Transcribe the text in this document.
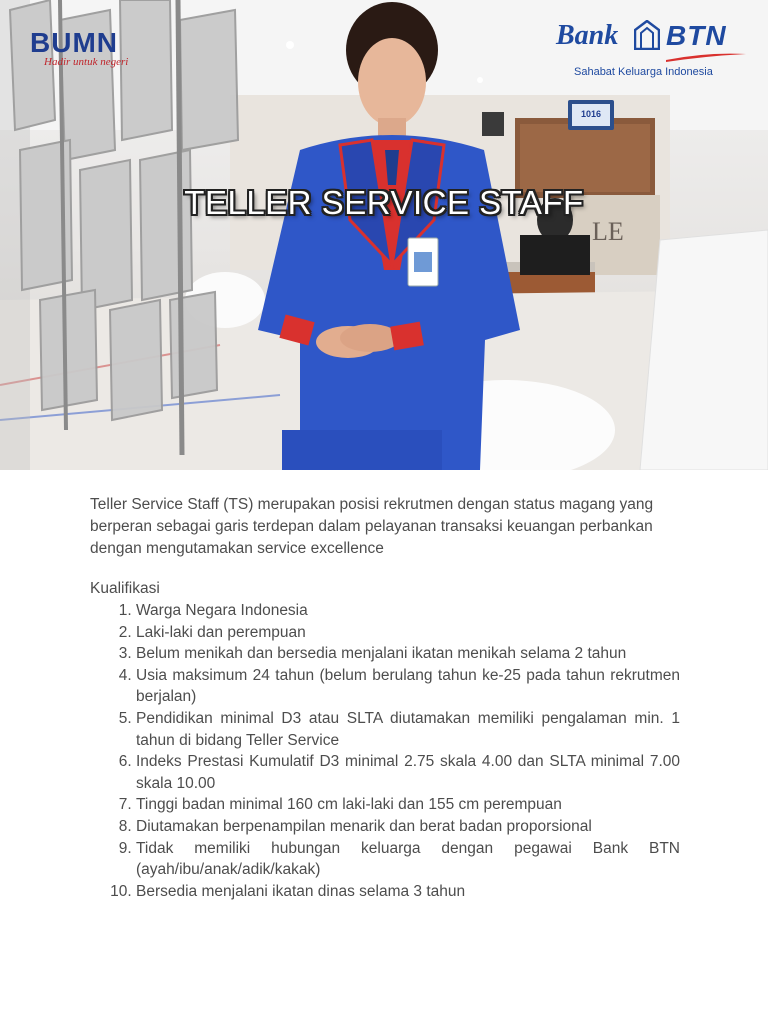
1016
LE
BUMN
Hadir untuk negeri
Bank BTN
Sahabat Keluarga Indonesia
TELLER SERVICE STAFF

Teller Service Staff (TS) merupakan posisi rekrutmen dengan status magang yang berperan sebagai garis terdepan dalam pelayanan transaksi keuangan perbankan dengan mengutamakan service excellence

Kualifikasi

1. Warga Negara Indonesia
2. Laki-laki dan perempuan
3. Belum menikah dan bersedia menjalani ikatan menikah selama 2 tahun
4. Usia maksimum 24 tahun (belum berulang tahun ke-25 pada tahun rekrutmen berjalan)
5. Pendidikan minimal D3 atau SLTA diutamakan memiliki pengalaman min. 1 tahun di bidang Teller Service
6. Indeks Prestasi Kumulatif D3 minimal 2.75 skala 4.00 dan SLTA minimal 7.00 skala 10.00
7. Tinggi badan minimal 160 cm laki-laki dan 155 cm perempuan
8. Diutamakan berpenampilan menarik dan berat badan proporsional
9. Tidak memiliki hubungan keluarga dengan pegawai Bank BTN (ayah/ibu/anak/adik/kakak)
10. Bersedia menjalani ikatan dinas selama 3 tahun
